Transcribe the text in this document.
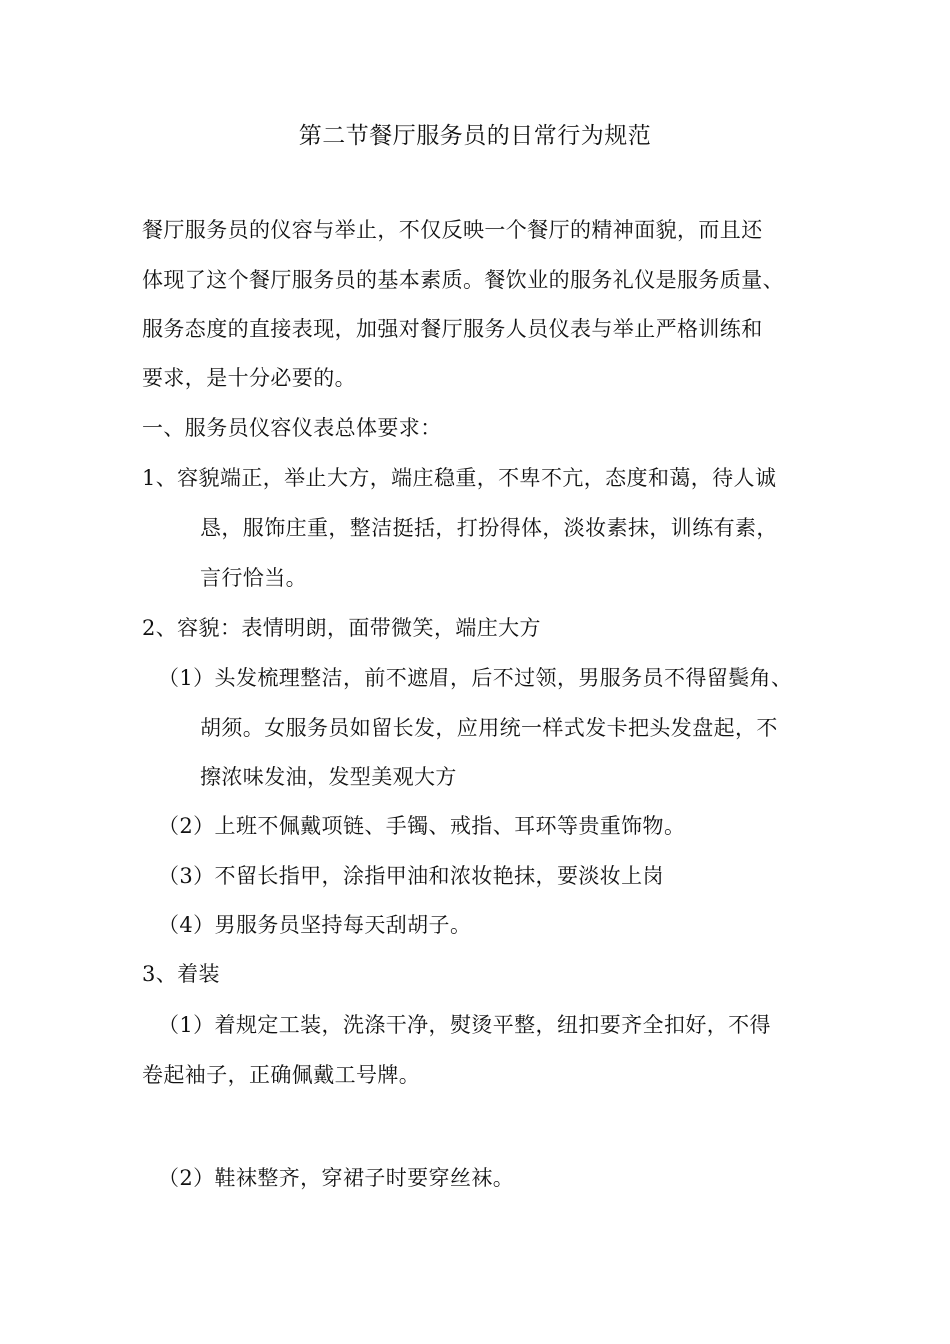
第二节餐厅服务员的日常行为规范
餐厅服务员的仪容与举止，不仅反映一个餐厅的精神面貌，而且还
体现了这个餐厅服务员的基本素质。餐饮业的服务礼仪是服务质量、
服务态度的直接表现，加强对餐厅服务人员仪表与举止严格训练和
要求，是十分必要的。
一、服务员仪容仪表总体要求：
1、容貌端正，举止大方，端庄稳重，不卑不亢，态度和蔼，待人诚
恳，服饰庄重，整洁挺括，打扮得体，淡妆素抹，训练有素，
言行恰当。
2、容貌：表情明朗，面带微笑，端庄大方
（1）头发梳理整洁，前不遮眉，后不过领，男服务员不得留鬓角、
胡须。女服务员如留长发，应用统一样式发卡把头发盘起，不
擦浓味发油，发型美观大方
（2）上班不佩戴项链、手镯、戒指、耳环等贵重饰物。
（3）不留长指甲，涂指甲油和浓妆艳抹，要淡妆上岗
（4）男服务员坚持每天刮胡子。
3、着装
（1）着规定工装，洗涤干净，熨烫平整，纽扣要齐全扣好，不得
卷起袖子，正确佩戴工号牌。
（2）鞋袜整齐，穿裙子时要穿丝袜。
